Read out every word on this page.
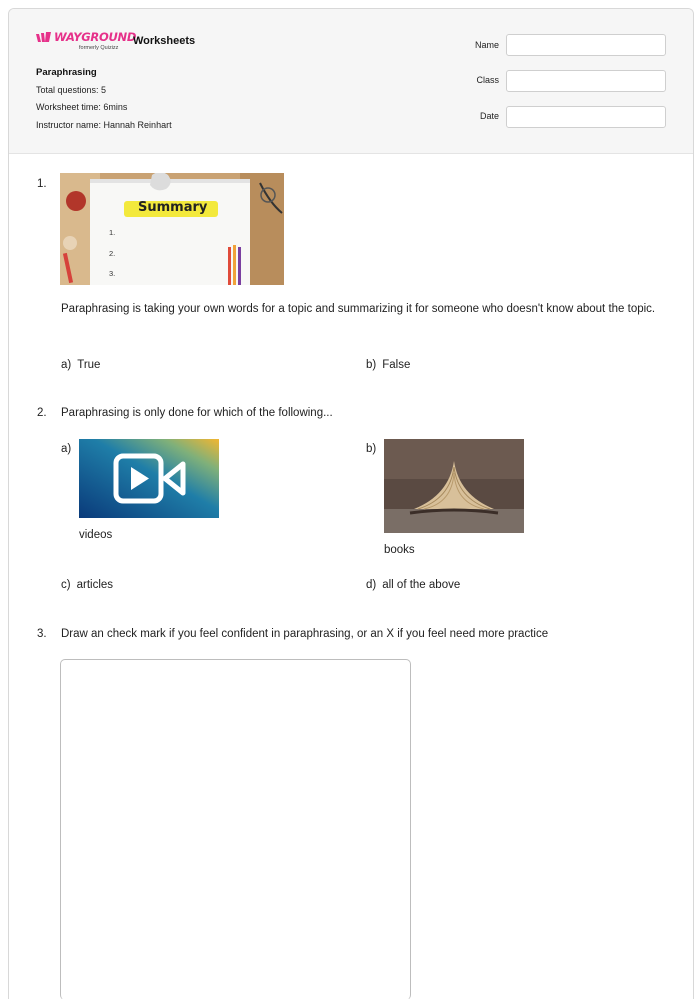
WAYGROUND
formerly Quizizz
Worksheets
Paraphrasing
Total questions: 5
Worksheet time: 6mins
Instructor name: Hannah Reinhart
Name
Class
Date
1.
Summary
1.
2.
3.
Paraphrasing is taking your own words for a topic and summarizing it for someone who doesn't know about the topic.
a) True	b) False
2. Paraphrasing is only done for which of the following...
a)
videos
b)
books
c) articles	d) all of the above
3. Draw an check mark if you feel confident in paraphrasing, or an X if you feel need more practice
